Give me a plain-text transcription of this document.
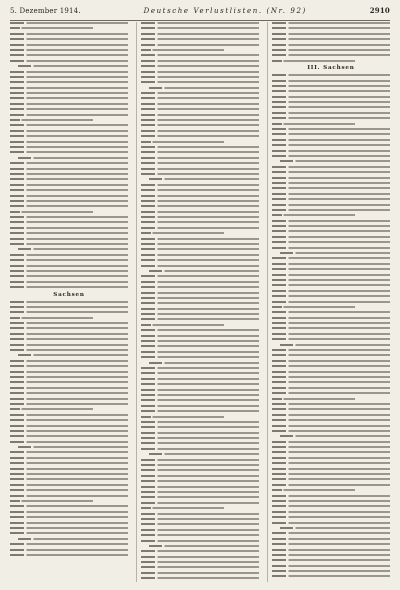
5. Dezember 1914.	Deutsche Verlustlisten. (Nr. 92)	2910
Sachsen
III. Sachsen
